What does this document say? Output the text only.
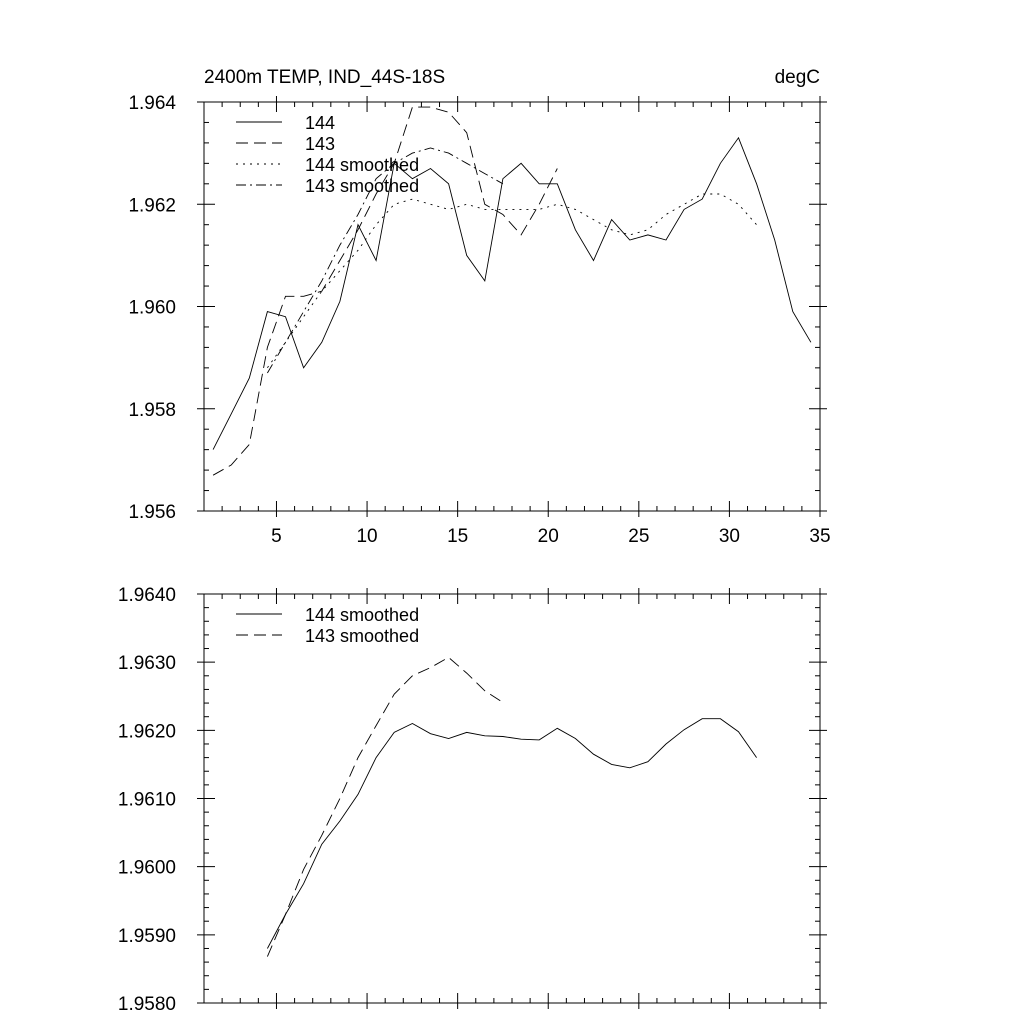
2400m TEMP, IND_44S-18S	degC
5	10	15	20	25	30	35
1.956
1.958
1.960
1.962
1.964
144
143
144 smoothed
143 smoothed
1.9580
1.9590
1.9600
1.9610
1.9620
1.9630
1.9640
144 smoothed
143 smoothed
